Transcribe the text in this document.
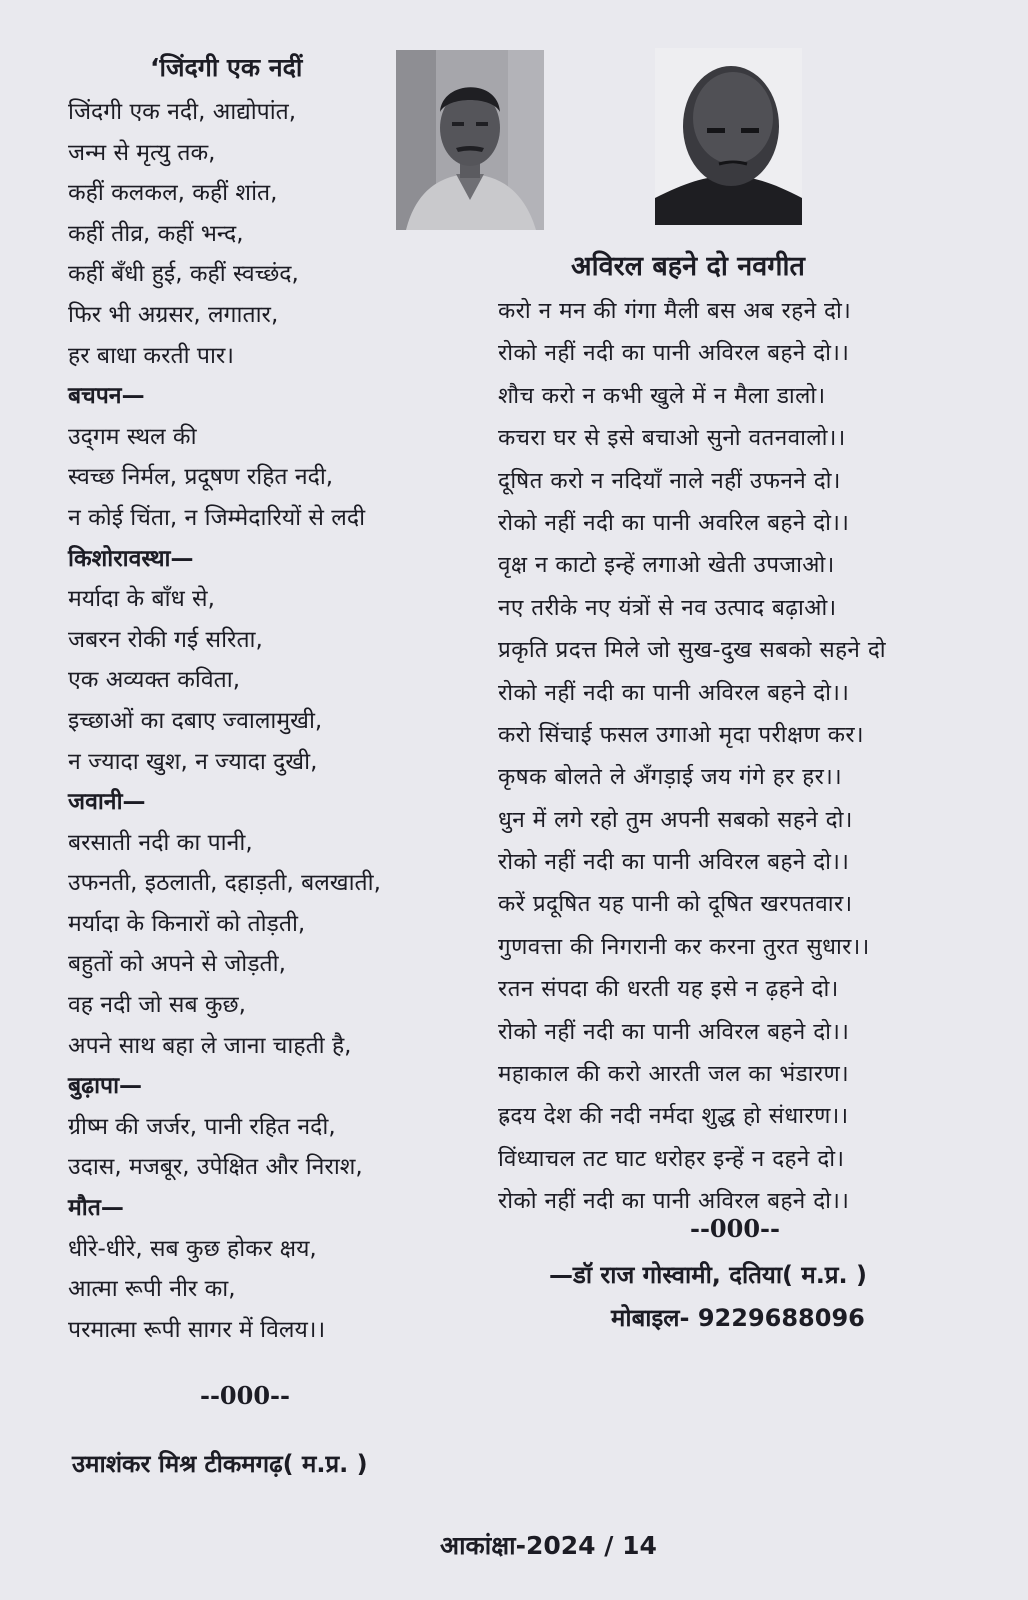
‘जिंदगी एक नदीं
जिंदगी एक नदी, आद्योपांत,
जन्म से मृत्यु तक,
कहीं कलकल, कहीं शांत,
कहीं तीव्र, कहीं भन्द,
कहीं बँधी हुई, कहीं स्वच्छंद,
फिर भी अग्रसर, लगातार,
हर बाधा करती पार।
बचपन—
उद्‌गम स्थल की
स्वच्छ निर्मल, प्रदूषण रहित नदी,
न कोई चिंता, न जिम्मेदारियों से लदी
किशोरावस्था—
मर्यादा के बाँध से,
जबरन रोकी गई सरिता,
एक अव्यक्त कविता,
इच्छाओं का दबाए ज्वालामुखी,
न ज्यादा खुश, न ज्यादा दुखी,
जवानी—
बरसाती नदी का पानी,
उफनती, इठलाती, दहाड़ती, बलखाती,
मर्यादा के किनारों को तोड़ती,
बहुतों को अपने से जोड़ती,
वह नदी जो सब कुछ,
अपने साथ बहा ले जाना चाहती है,
बुढ़ापा—
ग्रीष्म की जर्जर, पानी रहित नदी,
उदास, मजबूर, उपेक्षित और निराश,
मौत—
धीरे-धीरे, सब कुछ होकर क्षय,
आत्मा रूपी नीर का,
परमात्मा रूपी सागर में विलय।।
--000--
उमाशंकर मिश्र टीकमगढ़( म.प्र. )
अविरल बहने दो नवगीत
करो न मन की गंगा मैली बस अब रहने दो।
रोको नहीं नदी का पानी अविरल बहने दो।।
शौच करो न कभी खुले में न मैला डालो।
कचरा घर से इसे बचाओ सुनो वतनवालो।।
दूषित करो न नदियाँ नाले नहीं उफनने दो।
रोको नहीं नदी का पानी अवरिल बहने दो।।
वृक्ष न काटो इन्हें लगाओ खेती उपजाओ।
नए तरीके नए यंत्रों से नव उत्पाद बढ़ाओ।
प्रकृति प्रदत्त मिले जो सुख-दुख सबको सहने दो
रोको नहीं नदी का पानी अविरल बहने दो।।
करो सिंचाई फसल उगाओ मृदा परीक्षण कर।
कृषक बोलते ले अँगड़ाई जय गंगे हर हर।।
धुन में लगे रहो तुम अपनी सबको सहने दो।
रोको नहीं नदी का पानी अविरल बहने दो।।
करें प्रदूषित यह पानी को दूषित खरपतवार।
गुणवत्ता की निगरानी कर करना तुरत सुधार।।
रतन संपदा की धरती यह इसे न ढ़हने दो।
रोको नहीं नदी का पानी अविरल बहने दो।।
महाकाल की करो आरती जल का भंडारण।
ह्रदय देश की नदी नर्मदा शुद्ध हो संधारण।।
विंध्याचल तट घाट धरोहर इन्हें न दहने दो।
रोको नहीं नदी का पानी अविरल बहने दो।।
--000--
—डॉ राज गोस्वामी, दतिया( म.प्र. )
मोबाइल- 9229688096
आकांक्षा-2024 / 14
